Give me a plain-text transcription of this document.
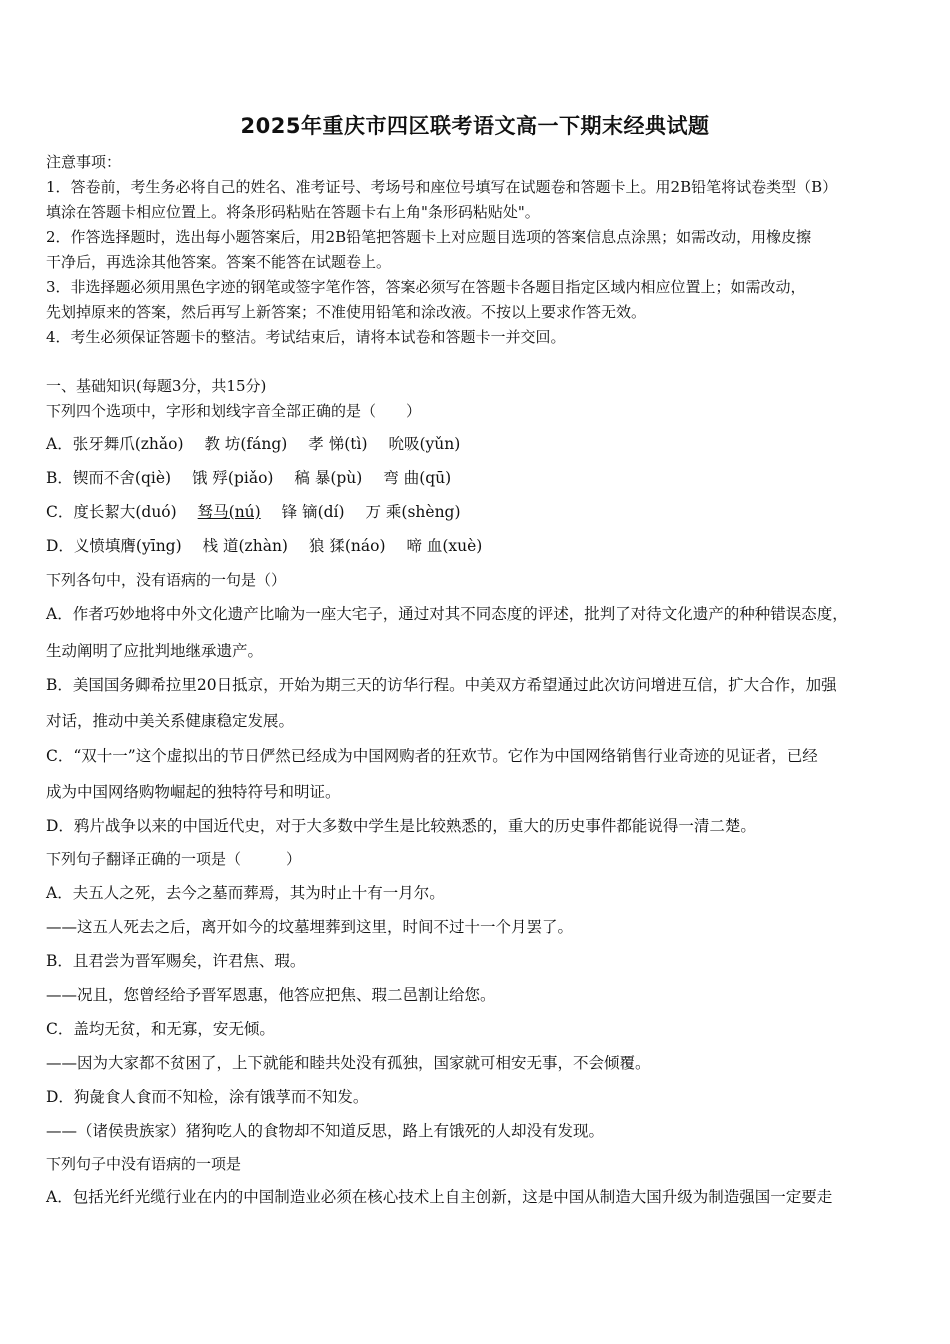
2025年重庆市四区联考语文高一下期末经典试题
注意事项：
1．答卷前，考生务必将自己的姓名、准考证号、考场号和座位号填写在试题卷和答题卡上。用2B铅笔将试卷类型（B）
填涂在答题卡相应位置上。将条形码粘贴在答题卡右上角"条形码粘贴处"。
2．作答选择题时，选出每小题答案后，用2B铅笔把答题卡上对应题目选项的答案信息点涂黑；如需改动，用橡皮擦
干净后，再选涂其他答案。答案不能答在试题卷上。
3．非选择题必须用黑色字迹的钢笔或签字笔作答，答案必须写在答题卡各题目指定区域内相应位置上；如需改动，
先划掉原来的答案，然后再写上新答案；不准使用铅笔和涂改液。不按以上要求作答无效。
4．考生必须保证答题卡的整洁。考试结束后，请将本试卷和答题卡一并交回。
一、基础知识(每题3分，共15分)
下列四个选项中，字形和划线字音全部正确的是（　　）
A．张牙舞爪(zhǎo) 教 坊(fáng) 孝 悌(tì) 吮吸(yǔn)
B．锲而不舍(qiè) 饿 殍(piǎo) 稿 暴(pù) 弯 曲(qū)
C．度长絜大(duó) 驽马(nú) 锋 镝(dí) 万 乘(shèng)
D．义愤填膺(yīng) 栈 道(zhàn) 狼 猱(náo) 啼 血(xuè)
下列各句中，没有语病的一句是（）
A．作者巧妙地将中外文化遗产比喻为一座大宅子，通过对其不同态度的评述，批判了对待文化遗产的种种错误态度，
生动阐明了应批判地继承遗产。
B．美国国务卿希拉里20日抵京，开始为期三天的访华行程。中美双方希望通过此次访问增进互信，扩大合作，加强
对话，推动中美关系健康稳定发展。
C．“双十一”这个虚拟出的节日俨然已经成为中国网购者的狂欢节。它作为中国网络销售行业奇迹的见证者，已经
成为中国网络购物崛起的独特符号和明证。
D．鸦片战争以来的中国近代史，对于大多数中学生是比较熟悉的，重大的历史事件都能说得一清二楚。
下列句子翻译正确的一项是（　　　）
A．夫五人之死，去今之墓而葬焉，其为时止十有一月尔。
——这五人死去之后，离开如今的坟墓埋葬到这里，时间不过十一个月罢了。
B．且君尝为晋军赐矣，许君焦、瑕。
——况且，您曾经给予晋军恩惠，他答应把焦、瑕二邑割让给您。
C．盖均无贫，和无寡，安无倾。
——因为大家都不贫困了，上下就能和睦共处没有孤独，国家就可相安无事，不会倾覆。
D．狗彘食人食而不知检，涂有饿莩而不知发。
——（诸侯贵族家）猪狗吃人的食物却不知道反思，路上有饿死的人却没有发现。
下列句子中没有语病的一项是
A．包括光纤光缆行业在内的中国制造业必须在核心技术上自主创新，这是中国从制造大国升级为制造强国一定要走
